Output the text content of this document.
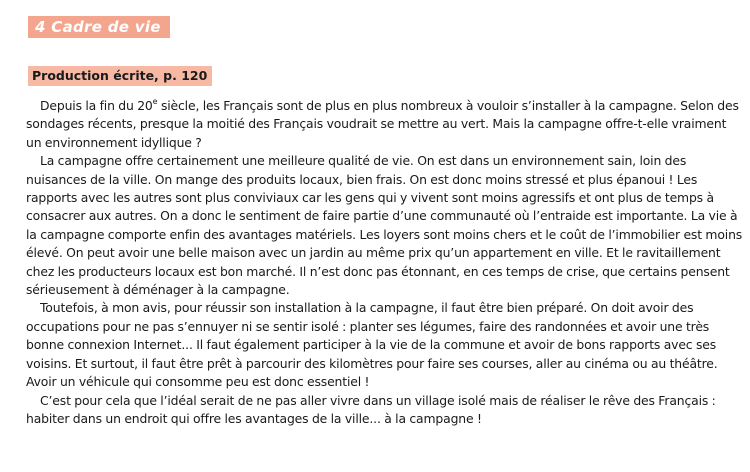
4 Cadre de vie
Production écrite, p. 120

Depuis la fin du 20e siècle, les Français sont de plus en plus nombreux à vouloir s’installer à la campagne. Selon des sondages récents, presque la moitié des Français voudrait se mettre au vert. Mais la campagne offre-t-elle vraiment un environnement idyllique ?

La campagne offre certainement une meilleure qualité de vie. On est dans un environnement sain, loin des nuisances de la ville. On mange des produits locaux, bien frais. On est donc moins stressé et plus épanoui ! Les rapports avec les autres sont plus conviviaux car les gens qui y vivent sont moins agressifs et ont plus de temps à consacrer aux autres. On a donc le sentiment de faire partie d’une communauté où l’entraide est importante. La vie à la campagne comporte enfin des avantages matériels. Les loyers sont moins chers et le coût de l’immobilier est moins élevé. On peut avoir une belle maison avec un jardin au même prix qu’un appartement en ville. Et le ravitaillement chez les producteurs locaux est bon marché. Il n’est donc pas étonnant, en ces temps de crise, que certains pensent sérieusement à déménager à la campagne.

Toutefois, à mon avis, pour réussir son installation à la campagne, il faut être bien préparé. On doit avoir des occupations pour ne pas s’ennuyer ni se sentir isolé : planter ses légumes, faire des randonnées et avoir une très bonne connexion Internet... Il faut également participer à la vie de la commune et avoir de bons rapports avec ses voisins. Et surtout, il faut être prêt à parcourir des kilomètres pour faire ses courses, aller au cinéma ou au théâtre. Avoir un véhicule qui consomme peu est donc essentiel !

C’est pour cela que l’idéal serait de ne pas aller vivre dans un village isolé mais de réaliser le rêve des Français : habiter dans un endroit qui offre les avantages de la ville... à la campagne !
